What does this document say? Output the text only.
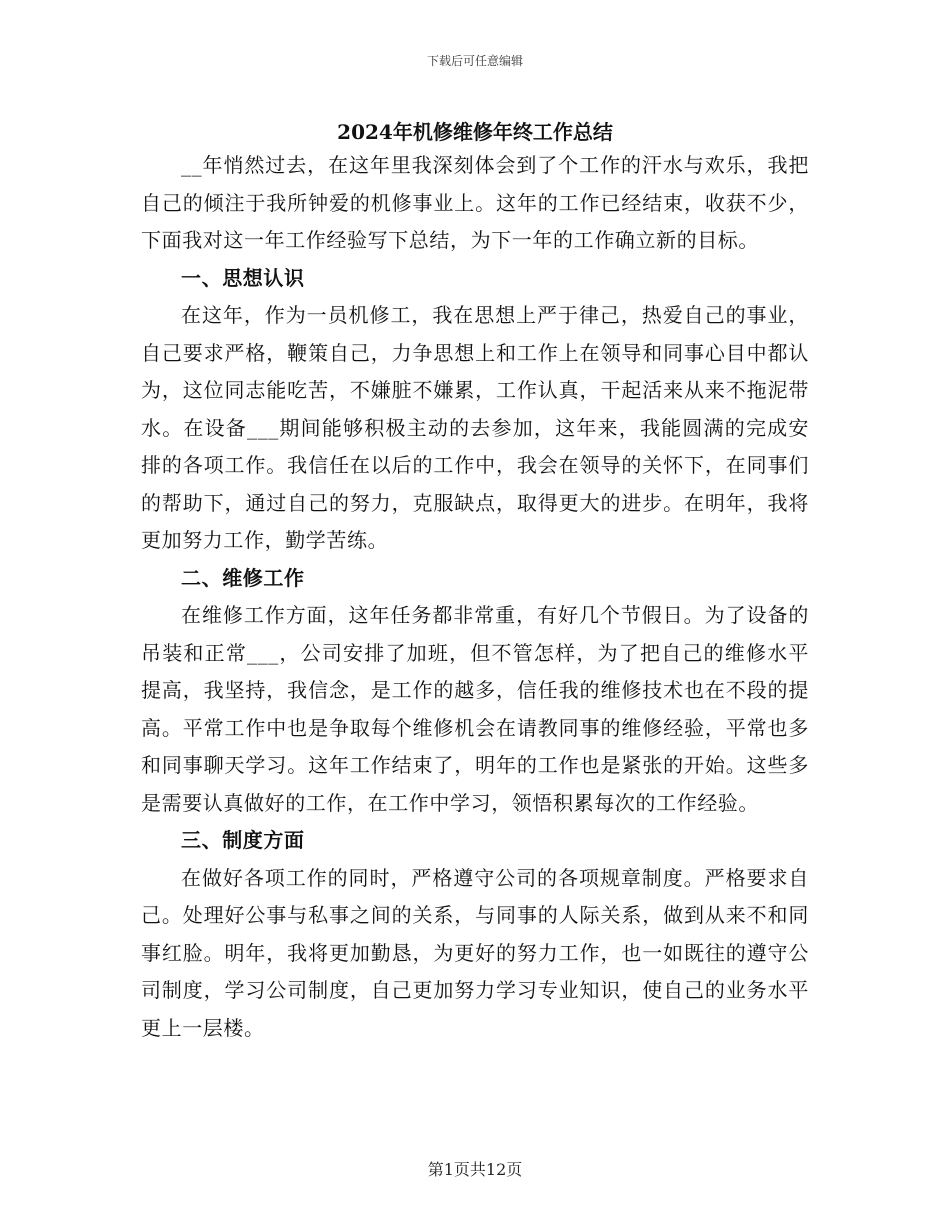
下载后可任意编辑
2024年机修维修年终工作总结

__年悄然过去，在这年里我深刻体会到了个工作的汗水与欢乐，我把自己的倾注于我所钟爱的机修事业上。这年的工作已经结束，收获不少，下面我对这一年工作经验写下总结，为下一年的工作确立新的目标。

一、思想认识

在这年，作为一员机修工，我在思想上严于律己，热爱自己的事业，自己要求严格，鞭策自己，力争思想上和工作上在领导和同事心目中都认为，这位同志能吃苦，不嫌脏不嫌累，工作认真，干起活来从来不拖泥带水。在设备___期间能够积极主动的去参加，这年来，我能圆满的完成安排的各项工作。我信任在以后的工作中，我会在领导的关怀下，在同事们的帮助下，通过自己的努力，克服缺点，取得更大的进步。在明年，我将更加努力工作，勤学苦练。

二、维修工作

在维修工作方面，这年任务都非常重，有好几个节假日。为了设备的吊装和正常___，公司安排了加班，但不管怎样，为了把自己的维修水平提高，我坚持，我信念，是工作的越多，信任我的维修技术也在不段的提高。平常工作中也是争取每个维修机会在请教同事的维修经验，平常也多和同事聊天学习。这年工作结束了，明年的工作也是紧张的开始。这些多是需要认真做好的工作，在工作中学习，领悟积累每次的工作经验。

三、制度方面

在做好各项工作的同时，严格遵守公司的各项规章制度。严格要求自己。处理好公事与私事之间的关系，与同事的人际关系，做到从来不和同事红脸。明年，我将更加勤恳，为更好的努力工作，也一如既往的遵守公司制度，学习公司制度，自己更加努力学习专业知识，使自己的业务水平更上一层楼。

第1页共12页
